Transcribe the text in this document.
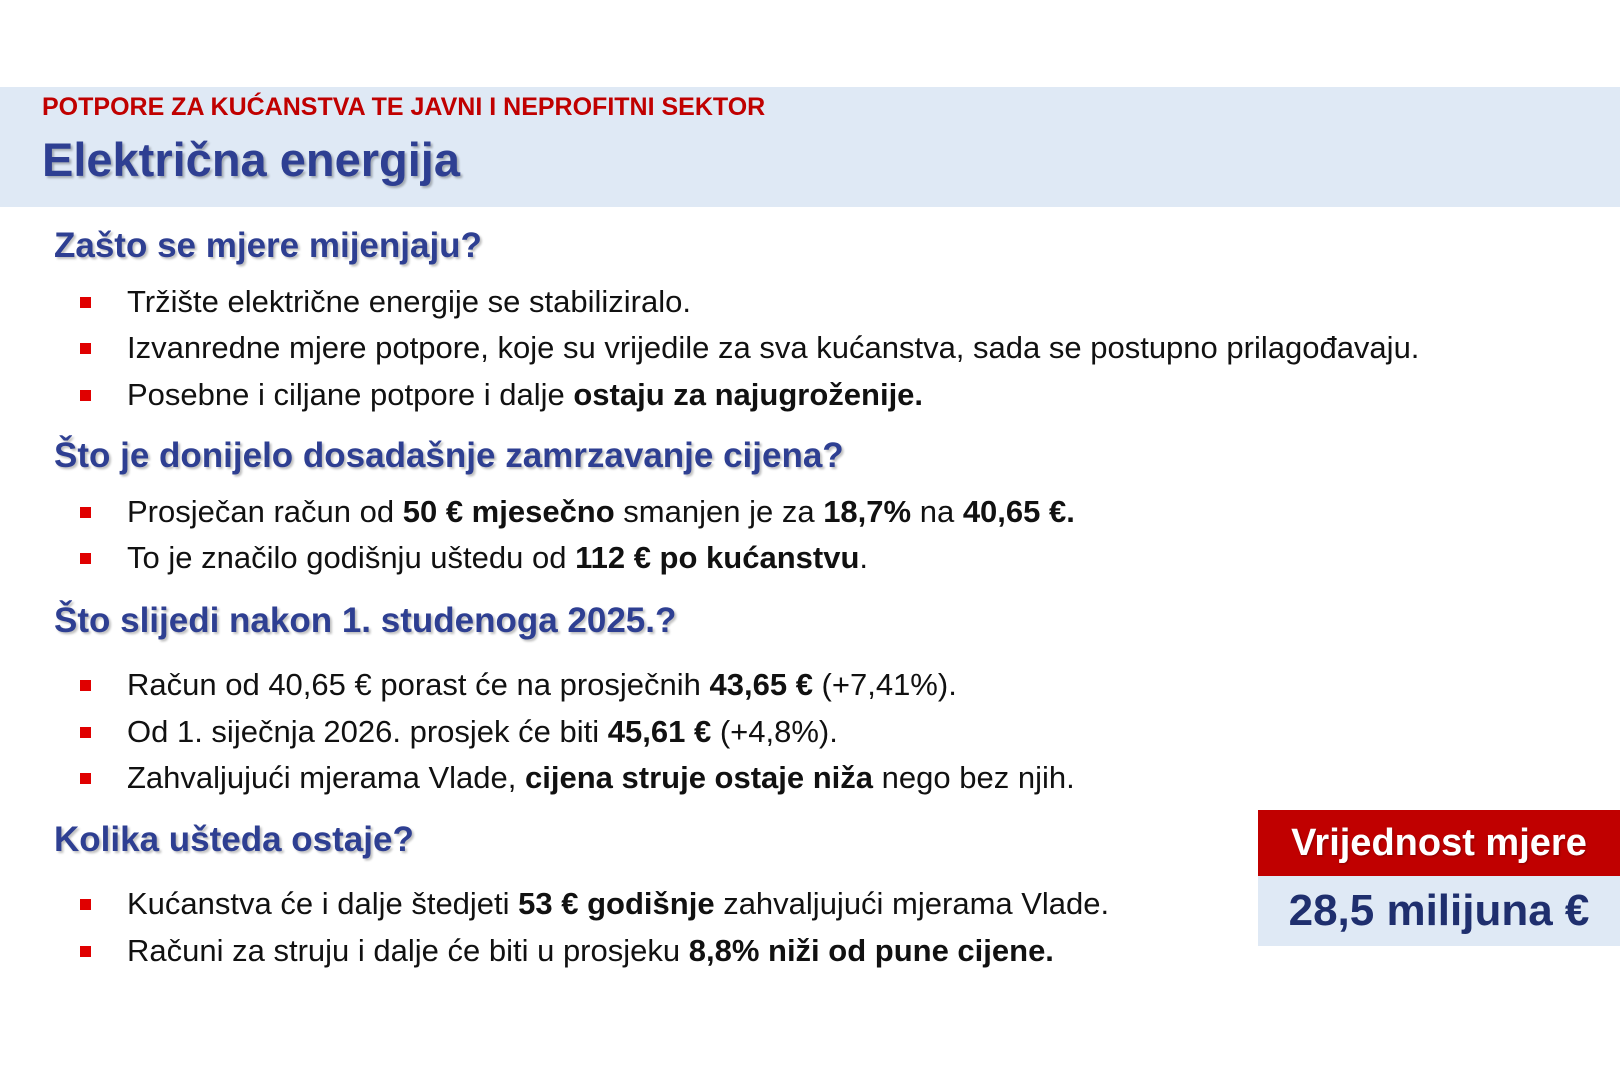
POTPORE ZA KUĆANSTVA TE JAVNI I NEPROFITNI SEKTOR
Električna energija
Zašto se mjere mijenjaju?
Tržište električne energije se stabiliziralo.
Izvanredne mjere potpore, koje su vrijedile za sva kućanstva, sada se postupno prilagođavaju.
Posebne i ciljane potpore i dalje ostaju za najugroženije.
Što je donijelo dosadašnje zamrzavanje cijena?
Prosječan račun od 50 € mjesečno smanjen je za 18,7% na 40,65 €.
To je značilo godišnju uštedu od 112 € po kućanstvu.
Što slijedi nakon 1. studenoga 2025.?
Račun od 40,65 € porast će na prosječnih 43,65 € (+7,41%).
Od 1. siječnja 2026. prosjek će biti 45,61 € (+4,8%).
Zahvaljujući mjerama Vlade, cijena struje ostaje niža nego bez njih.
Kolika ušteda ostaje?
Kućanstva će i dalje štedjeti 53 € godišnje zahvaljujući mjerama Vlade.
Računi za struju i dalje će biti u prosjeku 8,8% niži od pune cijene.
Vrijednost mjere
28,5 milijuna €
